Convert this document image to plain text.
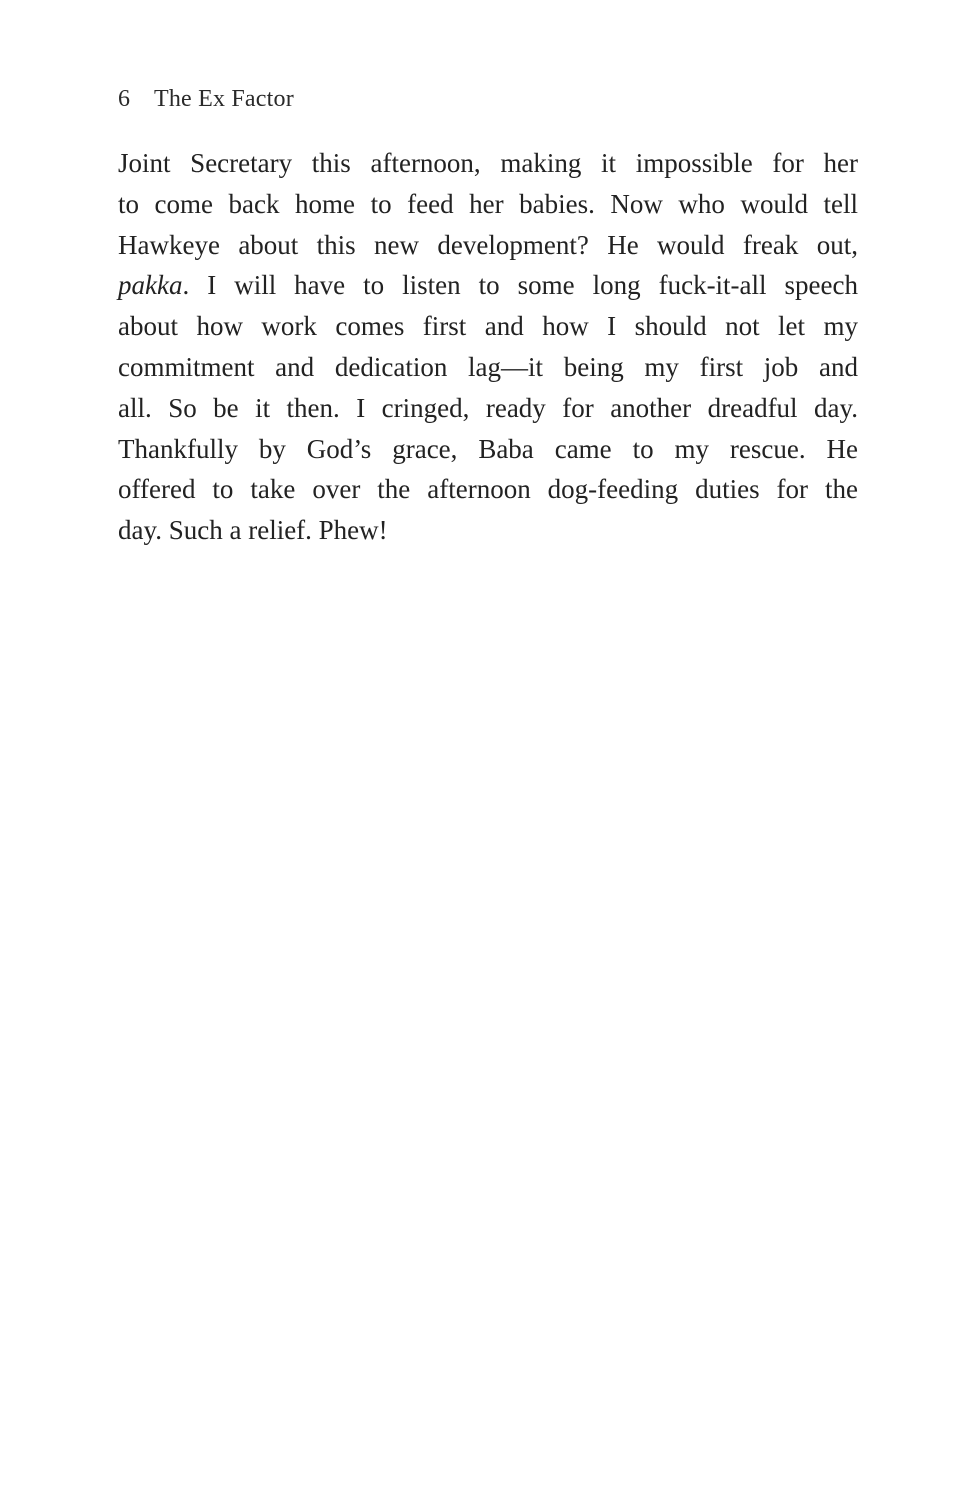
6 The Ex Factor
Joint Secretary this afternoon, making it impossible for her
to come back home to feed her babies. Now who would tell
Hawkeye about this new development? He would freak out,
pakka. I will have to listen to some long fuck-it-all speech
about how work comes first and how I should not let my
commitment and dedication lag—it being my first job and
all. So be it then. I cringed, ready for another dreadful day.
Thankfully by God’s grace, Baba came to my rescue. He
offered to take over the afternoon dog-feeding duties for the
day. Such a relief. Phew!
